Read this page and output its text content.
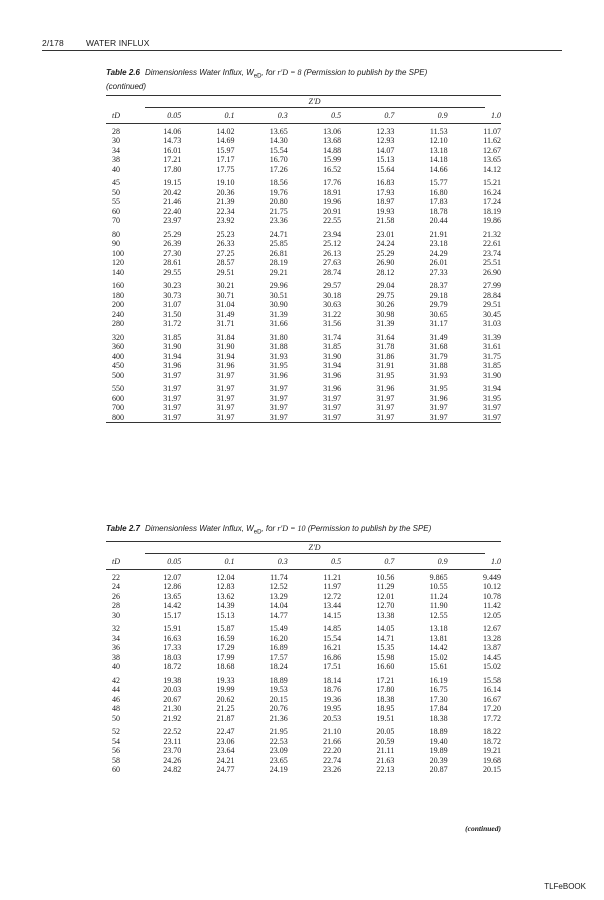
2/178	WATER INFLUX
Table 2.6 Dimensionless Water Influx, $W_{eD}$, for r′D = 8 (Permission to publish by the SPE)
(continued)
	Z′D						
tD	0.05	0.1	0.3	0.5	0.7	0.9	1.0
28	14.06	14.02	13.65	13.06	12.33	11.53	11.07
30	14.73	14.69	14.30	13.68	12.93	12.10	11.62
34	16.01	15.97	15.54	14.88	14.07	13.18	12.67
38	17.21	17.17	16.70	15.99	15.13	14.18	13.65
40	17.80	17.75	17.26	16.52	15.64	14.66	14.12
45	19.15	19.10	18.56	17.76	16.83	15.77	15.21
50	20.42	20.36	19.76	18.91	17.93	16.80	16.24
55	21.46	21.39	20.80	19.96	18.97	17.83	17.24
60	22.40	22.34	21.75	20.91	19.93	18.78	18.19
70	23.97	23.92	23.36	22.55	21.58	20.44	19.86
80	25.29	25.23	24.71	23.94	23.01	21.91	21.32
90	26.39	26.33	25.85	25.12	24.24	23.18	22.61
100	27.30	27.25	26.81	26.13	25.29	24.29	23.74
120	28.61	28.57	28.19	27.63	26.90	26.01	25.51
140	29.55	29.51	29.21	28.74	28.12	27.33	26.90
160	30.23	30.21	29.96	29.57	29.04	28.37	27.99
180	30.73	30.71	30.51	30.18	29.75	29.18	28.84
200	31.07	31.04	30.90	30.63	30.26	29.79	29.51
240	31.50	31.49	31.39	31.22	30.98	30.65	30.45
280	31.72	31.71	31.66	31.56	31.39	31.17	31.03
320	31.85	31.84	31.80	31.74	31.64	31.49	31.39
360	31.90	31.90	31.88	31.85	31.78	31.68	31.61
400	31.94	31.94	31.93	31.90	31.86	31.79	31.75
450	31.96	31.96	31.95	31.94	31.91	31.88	31.85
500	31.97	31.97	31.96	31.96	31.95	31.93	31.90
550	31.97	31.97	31.97	31.96	31.96	31.95	31.94
600	31.97	31.97	31.97	31.97	31.97	31.96	31.95
700	31.97	31.97	31.97	31.97	31.97	31.97	31.97
800	31.97	31.97	31.97	31.97	31.97	31.97	31.97
Table 2.7 Dimensionless Water Influx, $W_{eD}$, for r′D = 10 (Permission to publish by the SPE)
	Z′D						
tD	0.05	0.1	0.3	0.5	0.7	0.9	1.0
22	12.07	12.04	11.74	11.21	10.56	9.865	9.449
24	12.86	12.83	12.52	11.97	11.29	10.55	10.12
26	13.65	13.62	13.29	12.72	12.01	11.24	10.78
28	14.42	14.39	14.04	13.44	12.70	11.90	11.42
30	15.17	15.13	14.77	14.15	13.38	12.55	12.05
32	15.91	15.87	15.49	14.85	14.05	13.18	12.67
34	16.63	16.59	16.20	15.54	14.71	13.81	13.28
36	17.33	17.29	16.89	16.21	15.35	14.42	13.87
38	18.03	17.99	17.57	16.86	15.98	15.02	14.45
40	18.72	18.68	18.24	17.51	16.60	15.61	15.02
42	19.38	19.33	18.89	18.14	17.21	16.19	15.58
44	20.03	19.99	19.53	18.76	17.80	16.75	16.14
46	20.67	20.62	20.15	19.36	18.38	17.30	16.67
48	21.30	21.25	20.76	19.95	18.95	17.84	17.20
50	21.92	21.87	21.36	20.53	19.51	18.38	17.72
52	22.52	22.47	21.95	21.10	20.05	18.89	18.22
54	23.11	23.06	22.53	21.66	20.59	19.40	18.72
56	23.70	23.64	23.09	22.20	21.11	19.89	19.21
58	24.26	24.21	23.65	22.74	21.63	20.39	19.68
60	24.82	24.77	24.19	23.26	22.13	20.87	20.15
(continued)
TLFeBOOK
